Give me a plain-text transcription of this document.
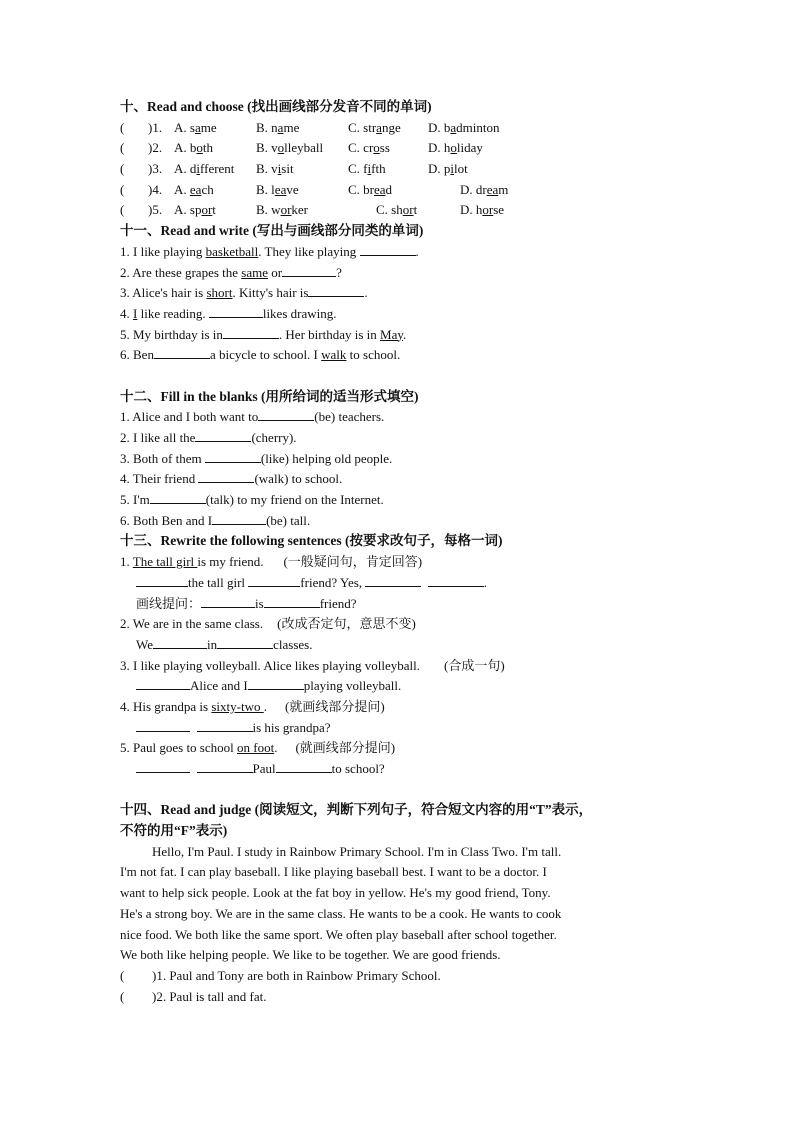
十、Read and choose (找出画线部分发音不同的单词)
( )1. A. same	B. name	C. strange D. badminton
( )2. A. both	B. volleyball C. cross	D. holiday
( )3. A. different B. visit	C. fifth	D. pilot
( )4. A. each	B. leave	C. bread	D. dream
( )5. A. sport	B. worker	C. short	D. horse
十一、Read and write (写出与画线部分同类的单词)
1. I like playing basketball. They like playing	.
2. Are these grapes the same or	?
3. Alice's hair is short. Kitty's hair is	.
4. I like reading.	likes drawing.
5. My birthday is in	. Her birthday is in May.
6. Ben	a bicycle to school. I walk to school.
十二、Fill in the blanks (用所给词的适当形式填空)
1. Alice and I both want to	(be) teachers.
2. I like all the	(cherry).
3. Both of them	(like) helping old people.
4. Their friend	(walk) to school.
5. I'm	(talk) to my friend on the Internet.
6. Both Ben and I	(be) tall.
十三、Rewrite the following sentences (按要求改句子，每格一词)
1. The tall girl is my friend. (一般疑问句，肯定回答)
the tall girl	friend? Yes,	.
画线提问：	is	friend?
2. We are in the same class. (改成否定句，意思不变)
We	in	classes.
3. I like playing volleyball. Alice likes playing volleyball. (合成一句)
Alice and I	playing volleyball.
4. His grandpa is sixty-two . (就画线部分提问)
is his grandpa?
5. Paul goes to school on foot. (就画线部分提问)
Paul	to school?
十四、Read and judge (阅读短文，判断下列句子，符合短文内容的用“T”表示，
不符的用“F”表示)
Hello, I'm Paul. I study in Rainbow Primary School. I'm in Class Two. I'm tall.
I'm not fat. I can play baseball. I like playing baseball best. I want to be a doctor. I
want to help sick people. Look at the fat boy in yellow. He's my good friend, Tony.
He's a strong boy. We are in the same class. He wants to be a cook. He wants to cook
nice food. We both like the same sport. We often play baseball after school together.
We both like helping people. We like to be together. We are good friends.
( )1. Paul and Tony are both in Rainbow Primary School.
( )2. Paul is tall and fat.
